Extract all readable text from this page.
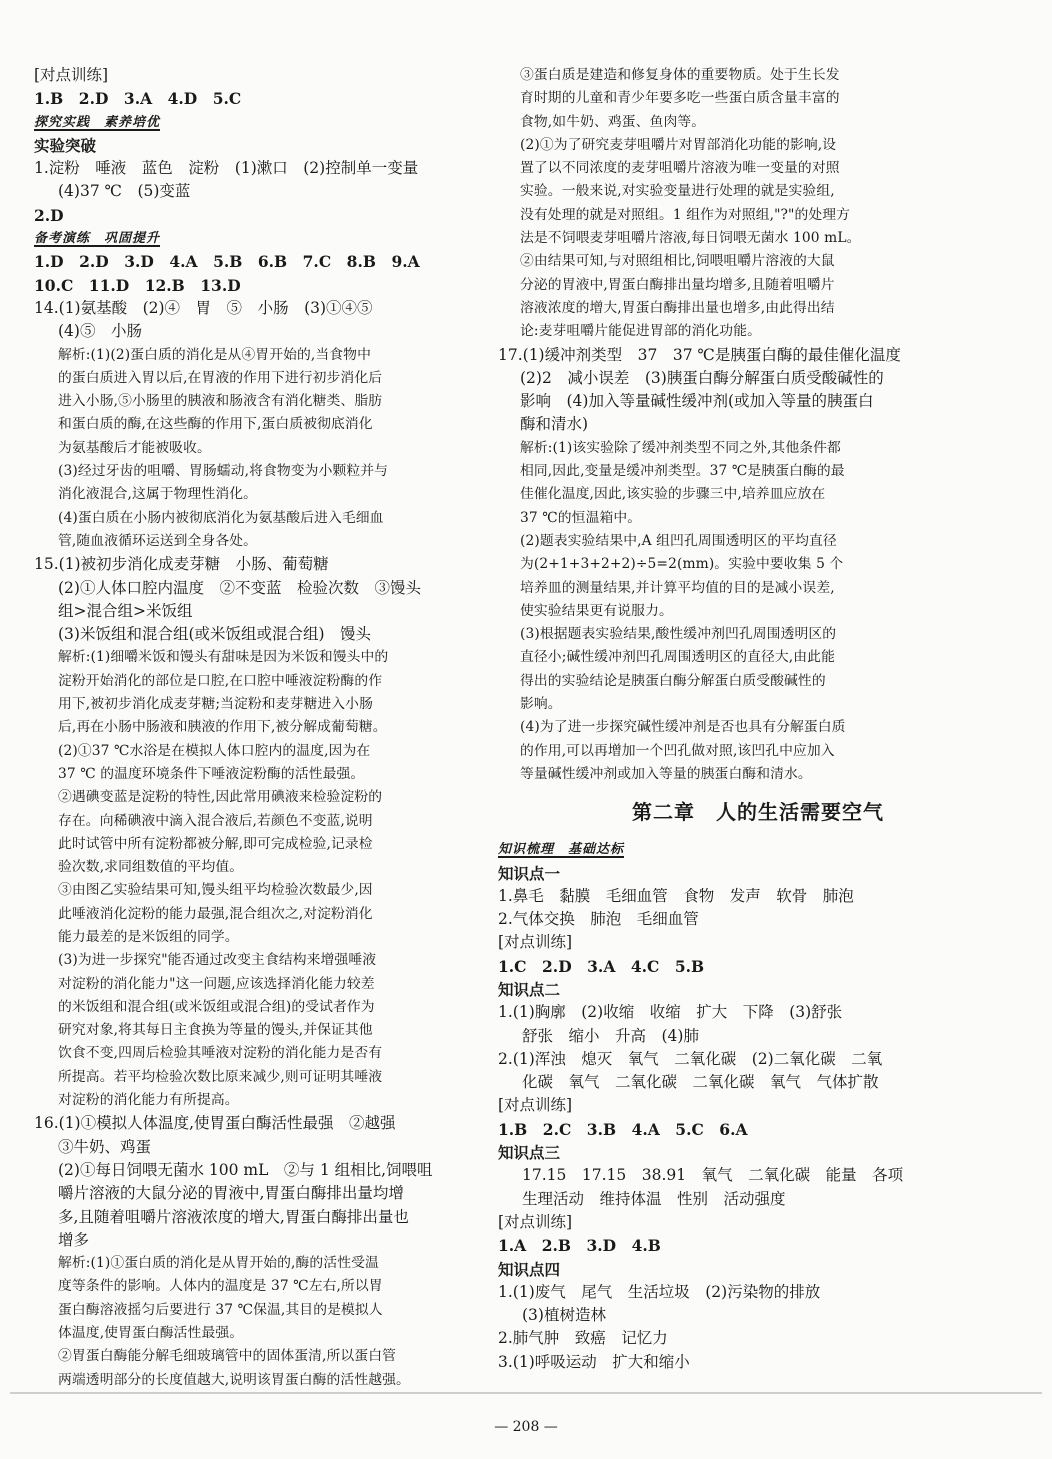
[对点训练]
1.B　2.D　3.A　4.D　5.C
探究实践　素养培优
实验突破
1.淀粉　唾液　蓝色　淀粉　(1)漱口　(2)控制单一变量
(4)37 ℃　(5)变蓝
2.D
备考演练　巩固提升
1.D　2.D　3.D　4.A　5.B　6.B　7.C　8.B　9.A
10.C　11.D　12.B　13.D
14.(1)氨基酸　(2)④　胃　⑤　小肠　(3)①④⑤
(4)⑤　小肠
解析:(1)(2)蛋白质的消化是从④胃开始的,当食物中
的蛋白质进入胃以后,在胃液的作用下进行初步消化后
进入小肠,⑤小肠里的胰液和肠液含有消化糖类、脂肪
和蛋白质的酶,在这些酶的作用下,蛋白质被彻底消化
为氨基酸后才能被吸收。
(3)经过牙齿的咀嚼、胃肠蠕动,将食物变为小颗粒并与
消化液混合,这属于物理性消化。
(4)蛋白质在小肠内被彻底消化为氨基酸后进入毛细血
管,随血液循环运送到全身各处。
15.(1)被初步消化成麦芽糖　小肠、葡萄糖
(2)①人体口腔内温度　②不变蓝　检验次数　③馒头
组>混合组>米饭组
(3)米饭组和混合组(或米饭组或混合组)　馒头
解析:(1)细嚼米饭和馒头有甜味是因为米饭和馒头中的
淀粉开始消化的部位是口腔,在口腔中唾液淀粉酶的作
用下,被初步消化成麦芽糖;当淀粉和麦芽糖进入小肠
后,再在小肠中肠液和胰液的作用下,被分解成葡萄糖。
(2)①37 ℃水浴是在模拟人体口腔内的温度,因为在
37 ℃ 的温度环境条件下唾液淀粉酶的活性最强。
②遇碘变蓝是淀粉的特性,因此常用碘液来检验淀粉的
存在。向稀碘液中滴入混合液后,若颜色不变蓝,说明
此时试管中所有淀粉都被分解,即可完成检验,记录检
验次数,求同组数值的平均值。
③由图乙实验结果可知,馒头组平均检验次数最少,因
此唾液消化淀粉的能力最强,混合组次之,对淀粉消化
能力最差的是米饭组的同学。
(3)为进一步探究"能否通过改变主食结构来增强唾液
对淀粉的消化能力"这一问题,应该选择消化能力较差
的米饭组和混合组(或米饭组或混合组)的受试者作为
研究对象,将其每日主食换为等量的馒头,并保证其他
饮食不变,四周后检验其唾液对淀粉的消化能力是否有
所提高。若平均检验次数比原来减少,则可证明其唾液
对淀粉的消化能力有所提高。
16.(1)①模拟人体温度,使胃蛋白酶活性最强　②越强
③牛奶、鸡蛋
(2)①每日饲喂无菌水 100 mL　②与 1 组相比,饲喂咀
嚼片溶液的大鼠分泌的胃液中,胃蛋白酶排出量均增
多,且随着咀嚼片溶液浓度的增大,胃蛋白酶排出量也
增多
解析:(1)①蛋白质的消化是从胃开始的,酶的活性受温
度等条件的影响。人体内的温度是 37 ℃左右,所以胃
蛋白酶溶液摇匀后要进行 37 ℃保温,其目的是模拟人
体温度,使胃蛋白酶活性最强。
②胃蛋白酶能分解毛细玻璃管中的固体蛋清,所以蛋白管
两端透明部分的长度值越大,说明该胃蛋白酶的活性越强。
③蛋白质是建造和修复身体的重要物质。处于生长发
育时期的儿童和青少年要多吃一些蛋白质含量丰富的
食物,如牛奶、鸡蛋、鱼肉等。
(2)①为了研究麦芽咀嚼片对胃部消化功能的影响,设
置了以不同浓度的麦芽咀嚼片溶液为唯一变量的对照
实验。一般来说,对实验变量进行处理的就是实验组,
没有处理的就是对照组。1 组作为对照组,"?"的处理方
法是不饲喂麦芽咀嚼片溶液,每日饲喂无菌水 100 mL。
②由结果可知,与对照组相比,饲喂咀嚼片溶液的大鼠
分泌的胃液中,胃蛋白酶排出量均增多,且随着咀嚼片
溶液浓度的增大,胃蛋白酶排出量也增多,由此得出结
论:麦芽咀嚼片能促进胃部的消化功能。
17.(1)缓冲剂类型　37　37 ℃是胰蛋白酶的最佳催化温度
(2)2　减小误差　(3)胰蛋白酶分解蛋白质受酸碱性的
影响　(4)加入等量碱性缓冲剂(或加入等量的胰蛋白
酶和清水)
解析:(1)该实验除了缓冲剂类型不同之外,其他条件都
相同,因此,变量是缓冲剂类型。37 ℃是胰蛋白酶的最
佳催化温度,因此,该实验的步骤三中,培养皿应放在
37 ℃的恒温箱中。
(2)题表实验结果中,A 组凹孔周围透明区的平均直径
为(2+1+3+2+2)÷5=2(mm)。实验中要收集 5 个
培养皿的测量结果,并计算平均值的目的是减小误差,
使实验结果更有说服力。
(3)根据题表实验结果,酸性缓冲剂凹孔周围透明区的
直径小;碱性缓冲剂凹孔周围透明区的直径大,由此能
得出的实验结论是胰蛋白酶分解蛋白质受酸碱性的
影响。
(4)为了进一步探究碱性缓冲剂是否也具有分解蛋白质
的作用,可以再增加一个凹孔做对照,该凹孔中应加入
等量碱性缓冲剂或加入等量的胰蛋白酶和清水。
第二章　人的生活需要空气
知识梳理　基础达标
知识点一
1.鼻毛　黏膜　毛细血管　食物　发声　软骨　肺泡
2.气体交换　肺泡　毛细血管
[对点训练]
1.C　2.D　3.A　4.C　5.B
知识点二
1.(1)胸廓　(2)收缩　收缩　扩大　下降　(3)舒张
舒张　缩小　升高　(4)肺
2.(1)浑浊　熄灭　氧气　二氧化碳　(2)二氧化碳　二氧
化碳　氧气　二氧化碳　二氧化碳　氧气　气体扩散
[对点训练]
1.B　2.C　3.B　4.A　5.C　6.A
知识点三
17.15　17.15　38.91　氧气　二氧化碳　能量　各项
生理活动　维持体温　性别　活动强度
[对点训练]
1.A　2.B　3.D　4.B
知识点四
1.(1)废气　尾气　生活垃圾　(2)污染物的排放
(3)植树造林
2.肺气肿　致癌　记忆力
3.(1)呼吸运动　扩大和缩小
— 208 —
